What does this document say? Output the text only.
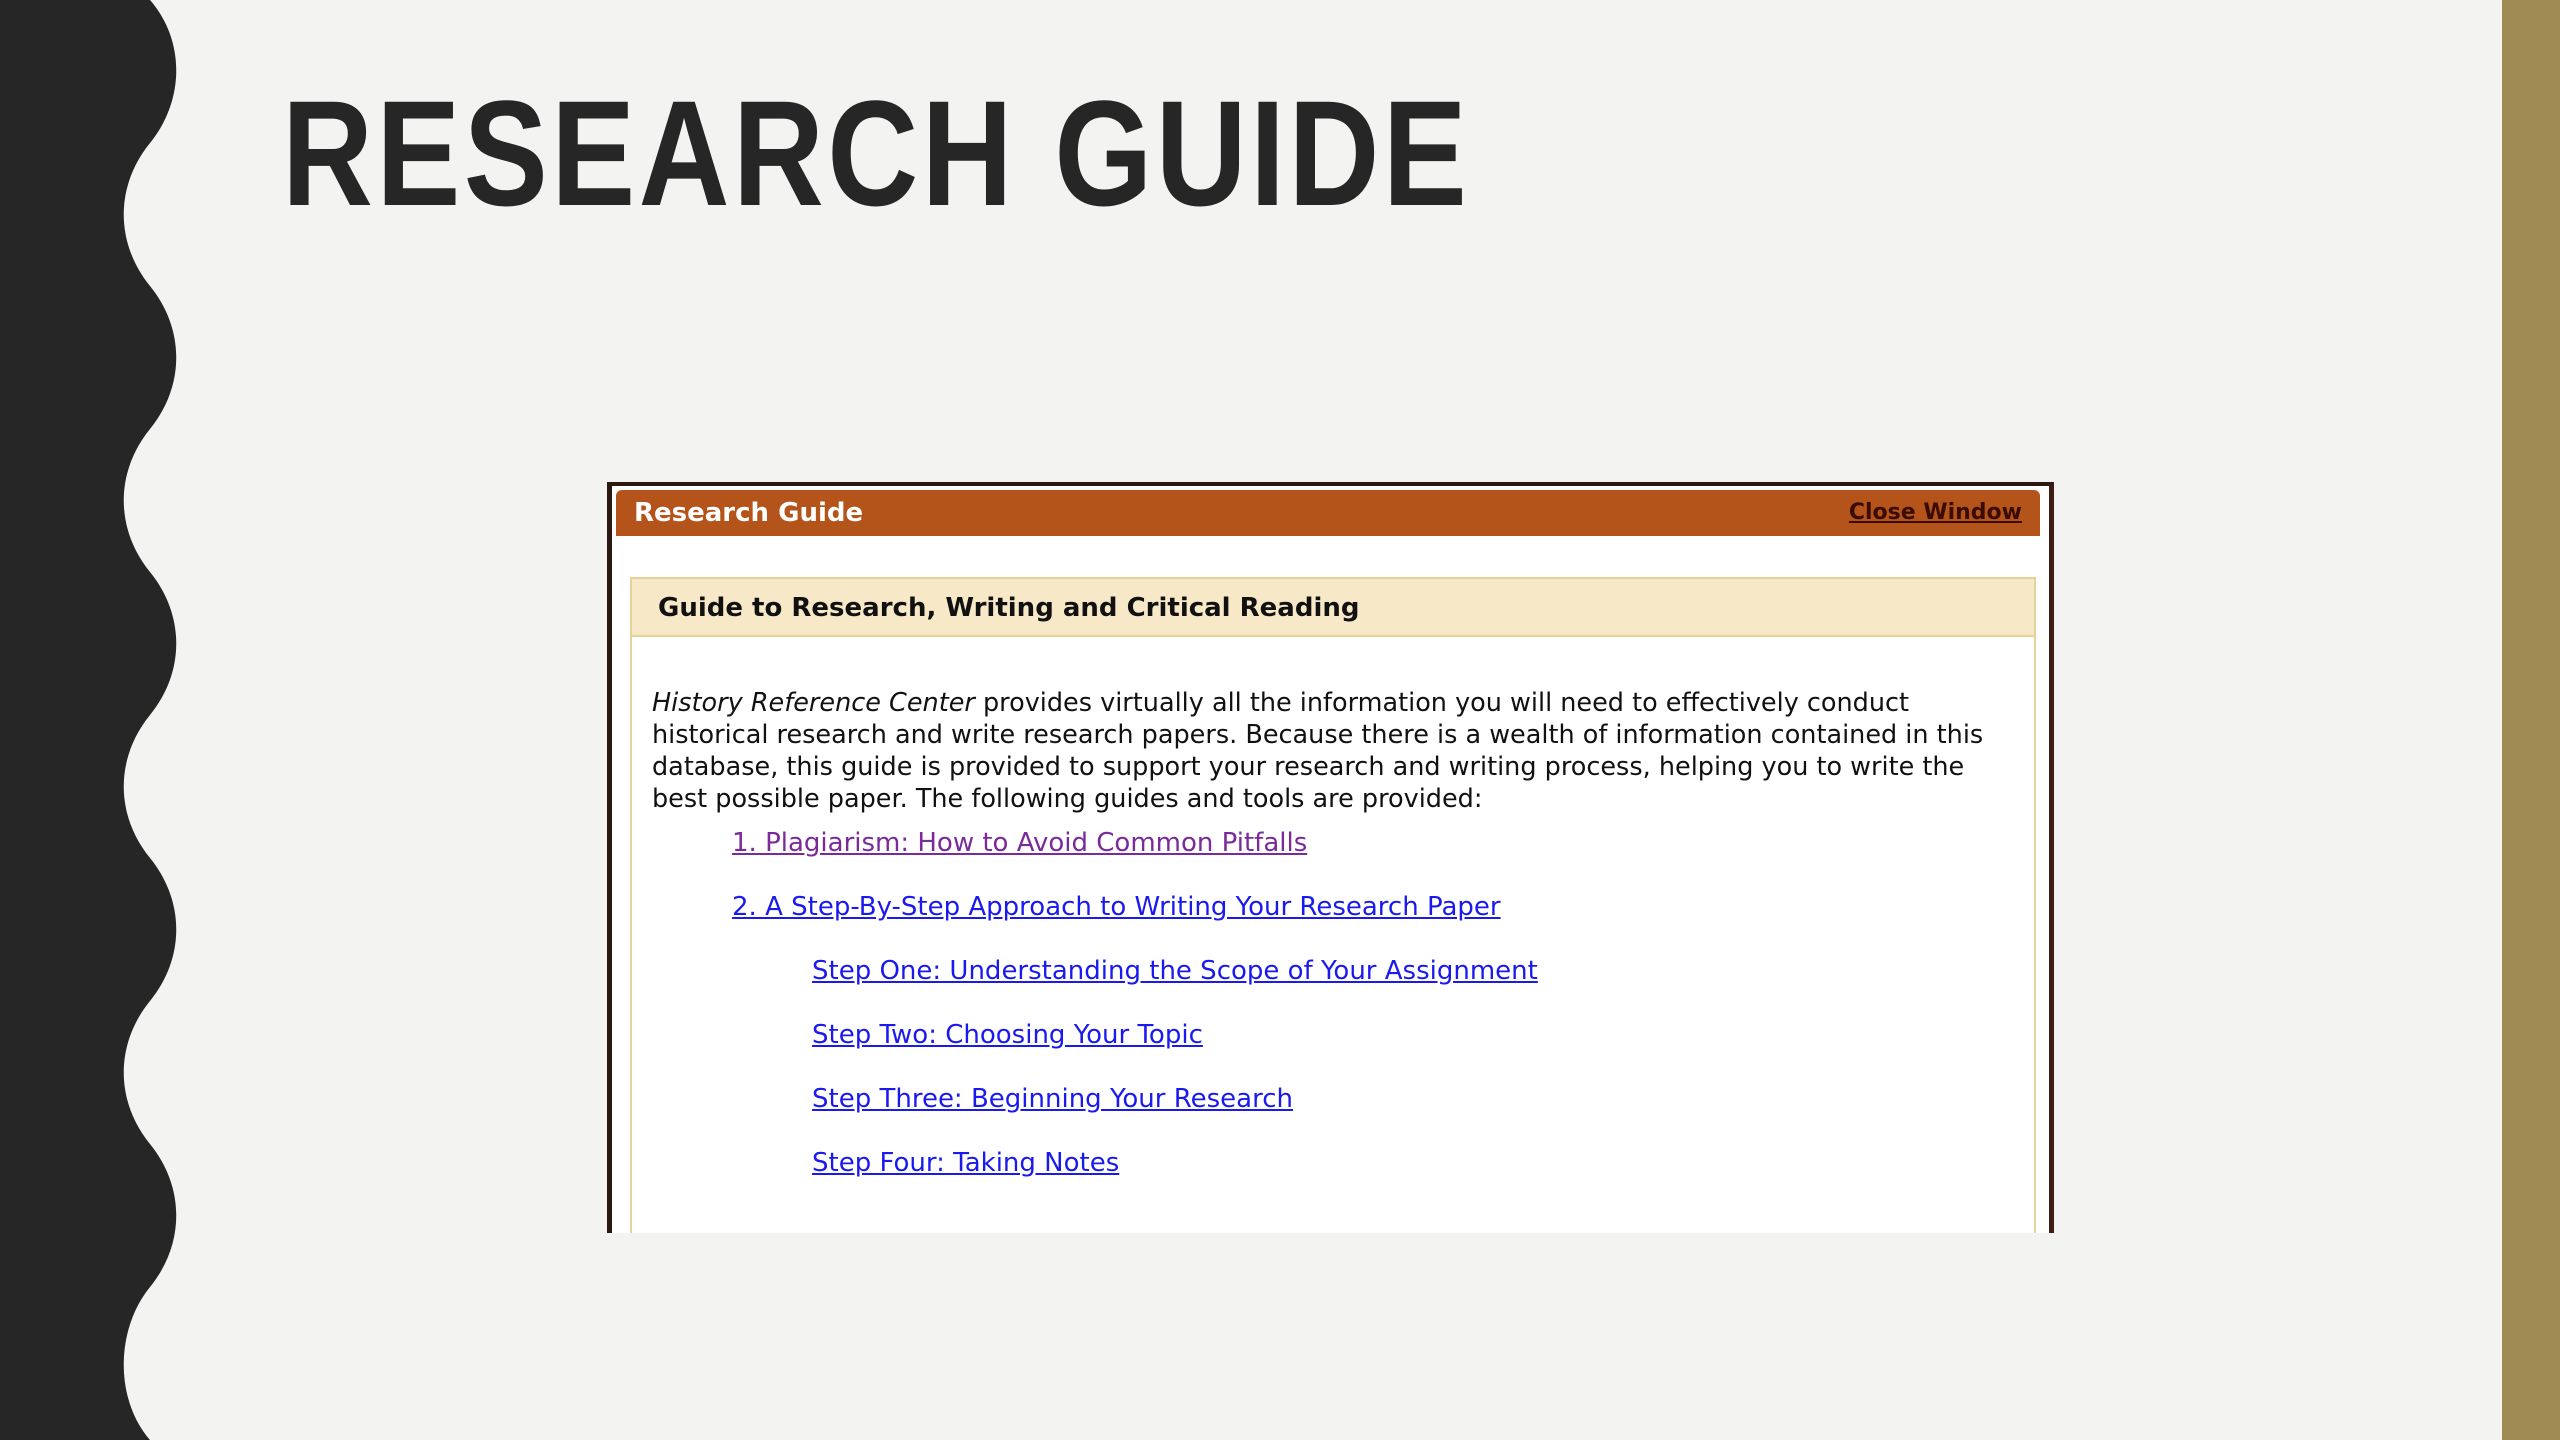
RESEARCH GUIDE
Research Guide	Close Window
Guide to Research, Writing and Critical Reading

History Reference Center provides virtually all the information you will need to effectively conduct historical research and write research papers. Because there is a wealth of information contained in this database, this guide is provided to support your research and writing process, helping you to write the best possible paper. The following guides and tools are provided:

1. Plagiarism: How to Avoid Common Pitfalls
2. A Step-By-Step Approach to Writing Your Research Paper
Step One: Understanding the Scope of Your Assignment
Step Two: Choosing Your Topic
Step Three: Beginning Your Research
Step Four: Taking Notes
